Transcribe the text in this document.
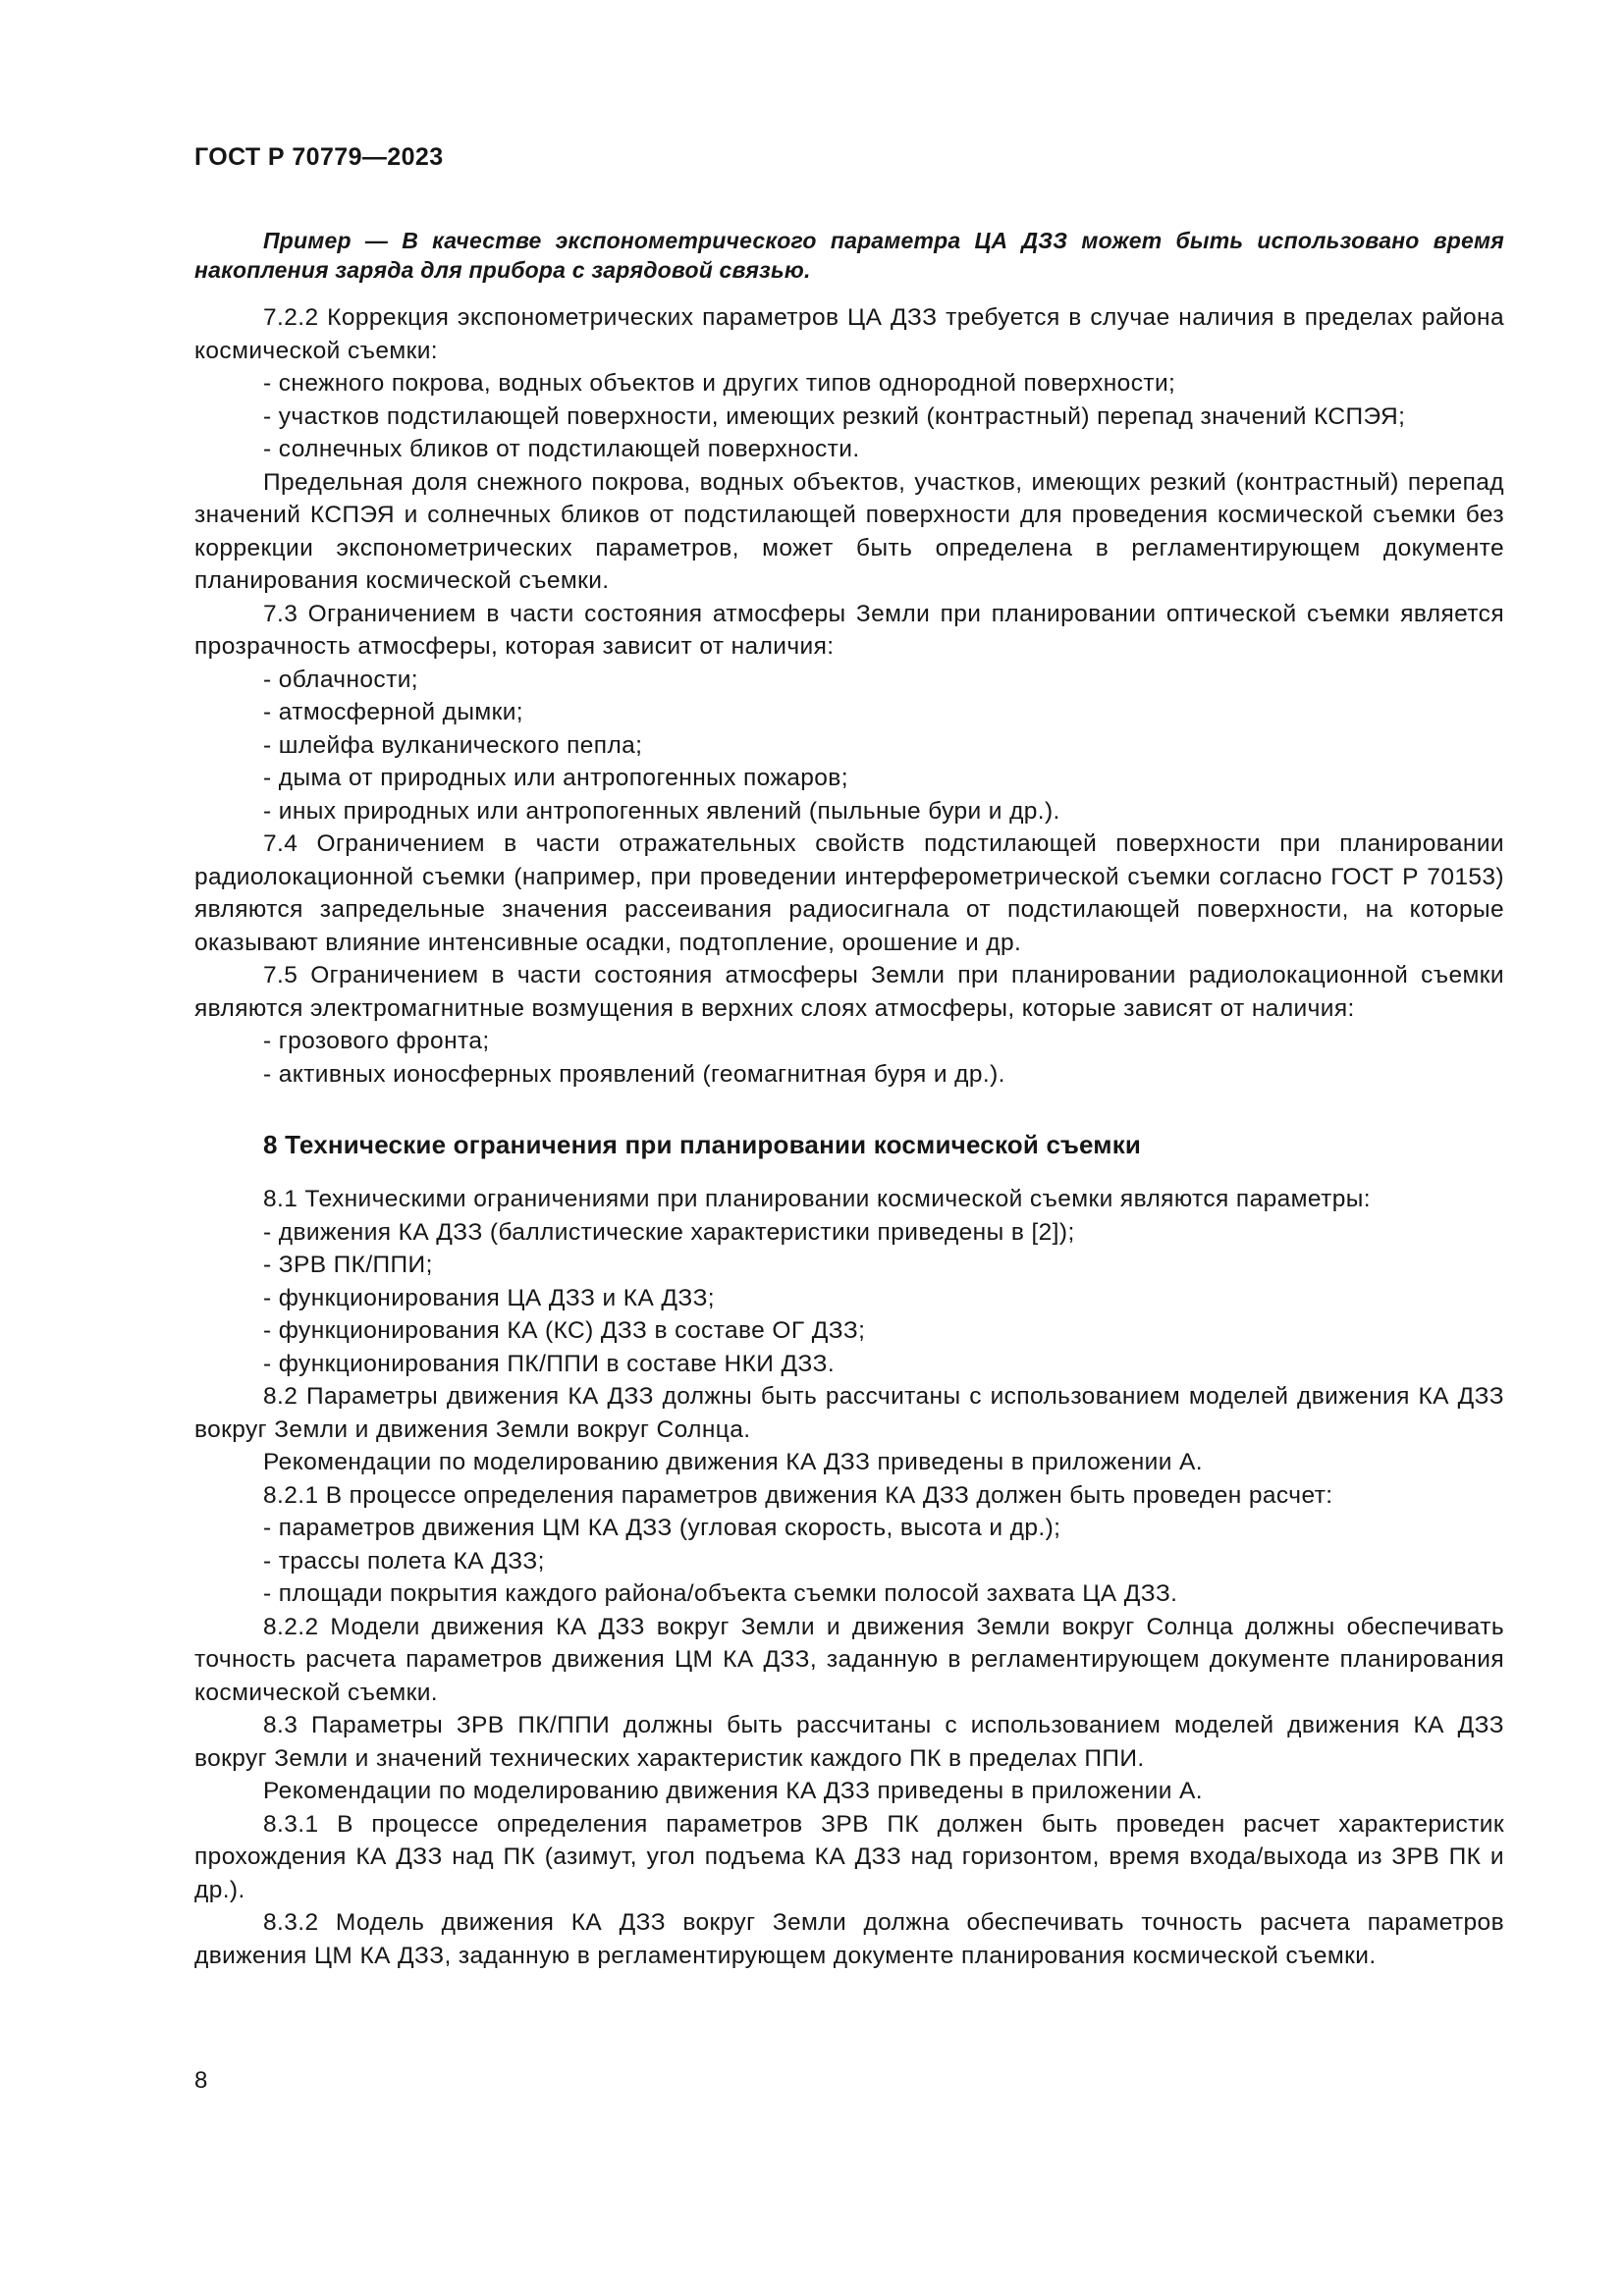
ГОСТ Р 70779—2023

Пример — В качестве экспонометрического параметра ЦА ДЗЗ может быть использовано время накопления заряда для прибора с зарядовой связью.

7.2.2 Коррекция экспонометрических параметров ЦА ДЗЗ требуется в случае наличия в пределах района космической съемки:

- снежного покрова, водных объектов и других типов однородной поверхности;

- участков подстилающей поверхности, имеющих резкий (контрастный) перепад значений КСПЭЯ;

- солнечных бликов от подстилающей поверхности.

Предельная доля снежного покрова, водных объектов, участков, имеющих резкий (контрастный) перепад значений КСПЭЯ и солнечных бликов от подстилающей поверхности для проведения космической съемки без коррекции экспонометрических параметров, может быть определена в регламентирующем документе планирования космической съемки.

7.3 Ограничением в части состояния атмосферы Земли при планировании оптической съемки является прозрачность атмосферы, которая зависит от наличия:

- облачности;

- атмосферной дымки;

- шлейфа вулканического пепла;

- дыма от природных или антропогенных пожаров;

- иных природных или антропогенных явлений (пыльные бури и др.).

7.4 Ограничением в части отражательных свойств подстилающей поверхности при планировании радиолокационной съемки (например, при проведении интерферометрической съемки согласно ГОСТ Р 70153) являются запредельные значения рассеивания радиосигнала от подстилающей поверхности, на которые оказывают влияние интенсивные осадки, подтопление, орошение и др.

7.5 Ограничением в части состояния атмосферы Земли при планировании радиолокационной съемки являются электромагнитные возмущения в верхних слоях атмосферы, которые зависят от наличия:

- грозового фронта;

- активных ионосферных проявлений (геомагнитная буря и др.).

8 Технические ограничения при планировании космической съемки

8.1 Техническими ограничениями при планировании космической съемки являются параметры:

- движения КА ДЗЗ (баллистические характеристики приведены в [2]);

- ЗРВ ПК/ППИ;

- функционирования ЦА ДЗЗ и КА ДЗЗ;

- функционирования КА (КС) ДЗЗ в составе ОГ ДЗЗ;

- функционирования ПК/ППИ в составе НКИ ДЗЗ.

8.2 Параметры движения КА ДЗЗ должны быть рассчитаны с использованием моделей движения КА ДЗЗ вокруг Земли и движения Земли вокруг Солнца.

Рекомендации по моделированию движения КА ДЗЗ приведены в приложении А.

8.2.1 В процессе определения параметров движения КА ДЗЗ должен быть проведен расчет:

- параметров движения ЦМ КА ДЗЗ (угловая скорость, высота и др.);

- трассы полета КА ДЗЗ;

- площади покрытия каждого района/объекта съемки полосой захвата ЦА ДЗЗ.

8.2.2 Модели движения КА ДЗЗ вокруг Земли и движения Земли вокруг Солнца должны обеспечивать точность расчета параметров движения ЦМ КА ДЗЗ, заданную в регламентирующем документе планирования космической съемки.

8.3 Параметры ЗРВ ПК/ППИ должны быть рассчитаны с использованием моделей движения КА ДЗЗ вокруг Земли и значений технических характеристик каждого ПК в пределах ППИ.

Рекомендации по моделированию движения КА ДЗЗ приведены в приложении А.

8.3.1 В процессе определения параметров ЗРВ ПК должен быть проведен расчет характеристик прохождения КА ДЗЗ над ПК (азимут, угол подъема КА ДЗЗ над горизонтом, время входа/выхода из ЗРВ ПК и др.).

8.3.2 Модель движения КА ДЗЗ вокруг Земли должна обеспечивать точность расчета параметров движения ЦМ КА ДЗЗ, заданную в регламентирующем документе планирования космической съемки.

8
